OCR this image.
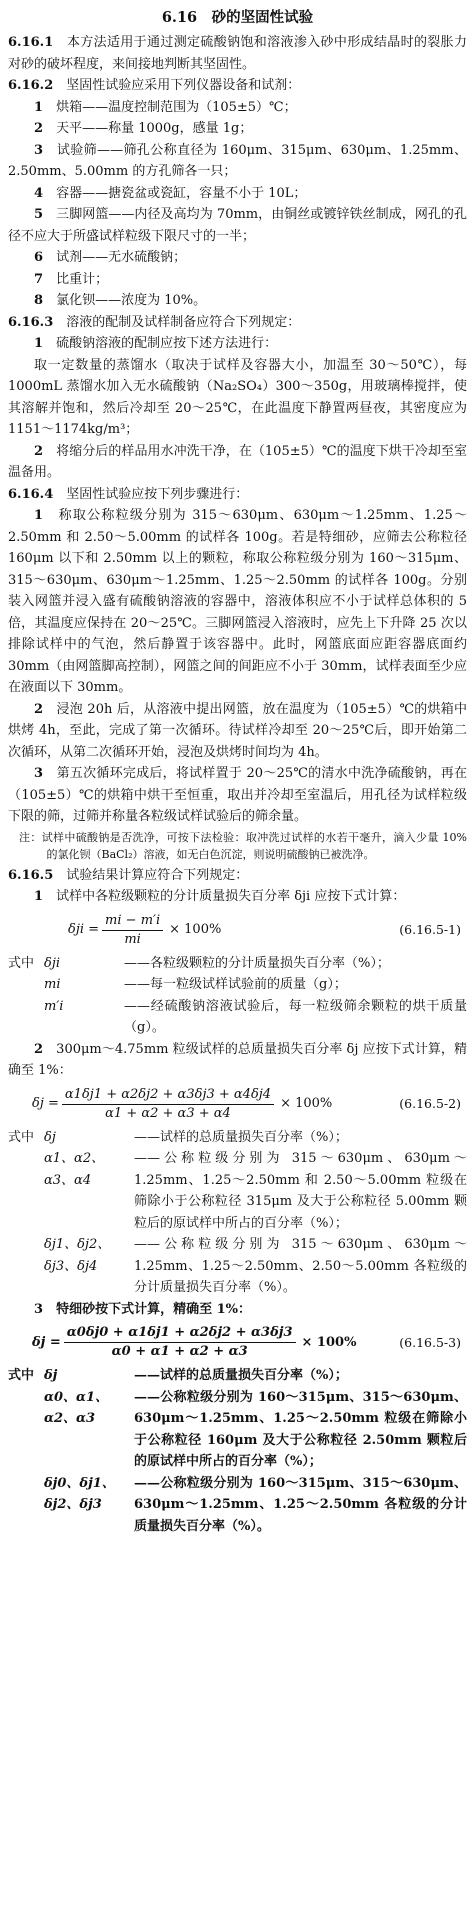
6.16　砂的坚固性试验

6.16.1　 本方法适用于通过测定硫酸钠饱和溶液渗入砂中形成结晶时的裂胀力对砂的破坏程度，来间接地判断其坚固性。

6.16.2　 坚固性试验应采用下列仪器设备和试剂：

1　 烘箱——温度控制范围为（105±5）℃；

2　 天平——称量 1000g，感量 1g；

3　 试验筛——筛孔公称直径为 160μm、315μm、630μm、1.25mm、2.50mm、5.00mm 的方孔筛各一只；

4　 容器——搪瓷盆或瓷缸，容量不小于 10L；

5　 三脚网篮——内径及高均为 70mm，由铜丝或镀锌铁丝制成，网孔的孔径不应大于所盛试样粒级下限尺寸的一半；

6　 试剂——无水硫酸钠；

7　 比重计；

8　 氯化钡——浓度为 10%。

6.16.3　 溶液的配制及试样制备应符合下列规定：

1　 硫酸钠溶液的配制应按下述方法进行：

取一定数量的蒸馏水（取决于试样及容器大小，加温至 30～50℃），每 1000mL 蒸馏水加入无水硫酸钠（Na₂SO₄）300～350g，用玻璃棒搅拌，使其溶解并饱和，然后冷却至 20～25℃，在此温度下静置两昼夜，其密度应为 1151～1174kg/m³；

2　 将缩分后的样品用水冲洗干净，在（105±5）℃的温度下烘干冷却至室温备用。

6.16.4　 坚固性试验应按下列步骤进行：

1　 称取公称粒级分别为 315～630μm、630μm～1.25mm、1.25～2.50mm 和 2.50～5.00mm 的试样各 100g。若是特细砂，应筛去公称粒径 160μm 以下和 2.50mm 以上的颗粒，称取公称粒级分别为 160～315μm、315～630μm、630μm～1.25mm、1.25～2.50mm 的试样各 100g。分别装入网篮并浸入盛有硫酸钠溶液的容器中，溶液体积应不小于试样总体积的 5 倍，其温度应保持在 20～25℃。三脚网篮浸入溶液时，应先上下升降 25 次以排除试样中的气泡，然后静置于该容器中。此时，网篮底面应距容器底面约 30mm（由网篮脚高控制），网篮之间的间距应不小于 30mm，试样表面至少应在液面以下 30mm。

2　 浸泡 20h 后，从溶液中提出网篮，放在温度为（105±5）℃的烘箱中烘烤 4h，至此，完成了第一次循环。待试样冷却至 20～25℃后，即开始第二次循环，从第二次循环开始，浸泡及烘烤时间均为 4h。

3　 第五次循环完成后，将试样置于 20～25℃的清水中洗净硫酸钠，再在（105±5）℃的烘箱中烘干至恒重，取出并冷却至室温后，用孔径为试样粒级下限的筛，过筛并称量各粒级试样试验后的筛余量。

注：试样中硫酸钠是否洗净，可按下法检验：取冲洗过试样的水若干毫升，滴入少量 10% 的氯化钡（BaCl₂）溶液，如无白色沉淀，则说明硫酸钠已被洗净。

6.16.5　 试验结果计算应符合下列规定：

1　 试样中各粒级颗粒的分计质量损失百分率 δji 应按下式计算：

$\delta ji = \frac{mi - m'i}{mi} \times 100\%$	(6.16.5-1)
式中 δji	——各粒级颗粒的分计质量损失百分率（%）；
mi	——每一粒级试样试验前的质量（g）；
m′i	——经硫酸钠溶液试验后，每一粒级筛余颗粒的烘干质量（g）。

2　 300μm～4.75mm 粒级试样的总质量损失百分率 δj 应按下式计算，精确至 1%：

$\delta j = \frac{\alpha 1\delta j1 + \alpha 2\delta j2 + \alpha 3\delta j3 + \alpha 4\delta j4}{\alpha 1 + \alpha 2 + \alpha 3 + \alpha 4} \times 100\%$	(6.16.5-2)
式中 δj	——试样的总质量损失百分率（%）；
α1、α2、α3、α4
——公称粒级分别为 315～630μm、630μm～1.25mm、1.25～2.50mm 和 2.50～5.00mm 粒级在筛除小于公称粒径 315μm 及大于公称粒径 5.00mm 颗粒后的原试样中所占的百分率（%）；
δj1、δj2、δj3、δj4
——公称粒级分别为 315～630μm、630μm～1.25mm、1.25～2.50mm、2.50～5.00mm 各粒级的分计质量损失百分率（%）。

3　 特细砂按下式计算，精确至 1%：

$\delta j = \frac{\alpha 0\delta j0 + \alpha 1\delta j1 + \alpha 2\delta j2 + \alpha 3\delta j3}{\alpha 0 + \alpha 1 + \alpha 2 + \alpha 3} \times 100\%$	(6.16.5-3)
式中 δj	——试样的总质量损失百分率（%）；
α0、α1、α2、α3
——公称粒级分别为 160～315μm、315～630μm、630μm～1.25mm、1.25～2.50mm 粒级在筛除小于公称粒径 160μm 及大于公称粒径 2.50mm 颗粒后的原试样中所占的百分率（%）；
δj0、δj1、δj2、δj3
——公称粒级分别为 160～315μm、315～630μm、630μm～1.25mm、1.25～2.50mm 各粒级的分计质量损失百分率（%）。
